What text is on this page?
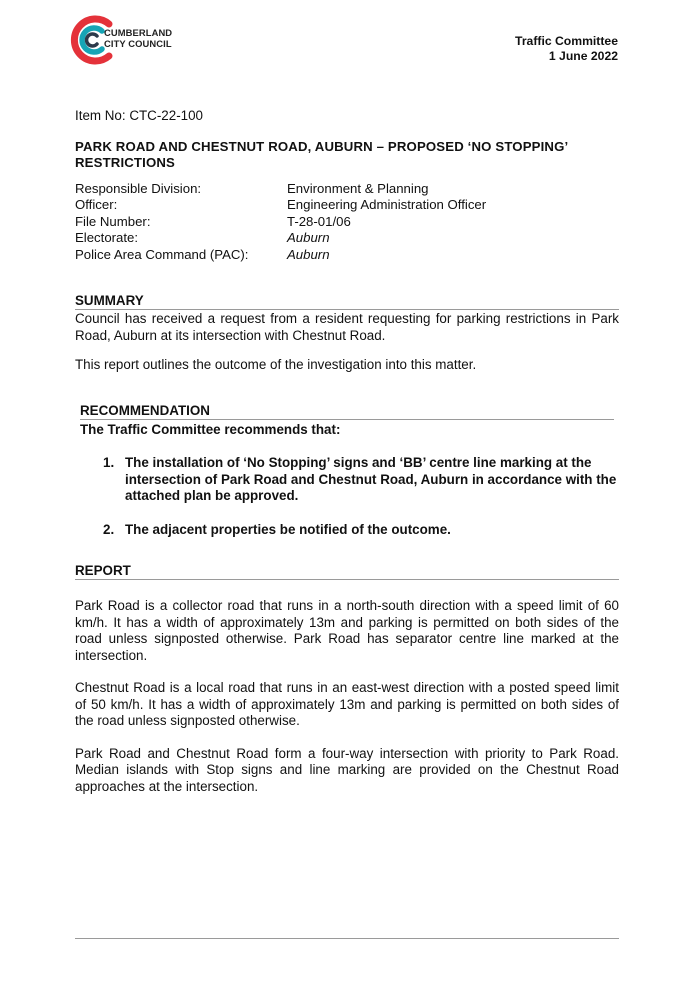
CUMBERLAND
CITY COUNCIL	Traffic Committee
1 June 2022
Item No: CTC-22-100
PARK ROAD AND CHESTNUT ROAD, AUBURN – PROPOSED ‘NO STOPPING’ RESTRICTIONS
Responsible Division:	Environment & Planning
Officer:	Engineering Administration Officer
File Number:	T-28-01/06
Electorate:	Auburn
Police Area Command (PAC):	Auburn
SUMMARY
Council has received a request from a resident requesting for parking restrictions in Park Road, Auburn at its intersection with Chestnut Road.
This report outlines the outcome of the investigation into this matter.
RECOMMENDATION
The Traffic Committee recommends that:
1. The installation of ‘No Stopping’ signs and ‘BB’ centre line marking at the intersection of Park Road and Chestnut Road, Auburn in accordance with the attached plan be approved.
2. The adjacent properties be notified of the outcome.
REPORT
Park Road is a collector road that runs in a north-south direction with a speed limit of 60 km/h. It has a width of approximately 13m and parking is permitted on both sides of the road unless signposted otherwise. Park Road has separator centre line marked at the intersection.
Chestnut Road is a local road that runs in an east-west direction with a posted speed limit of 50 km/h. It has a width of approximately 13m and parking is permitted on both sides of the road unless signposted otherwise.
Park Road and Chestnut Road form a four-way intersection with priority to Park Road. Median islands with Stop signs and line marking are provided on the Chestnut Road approaches at the intersection.
